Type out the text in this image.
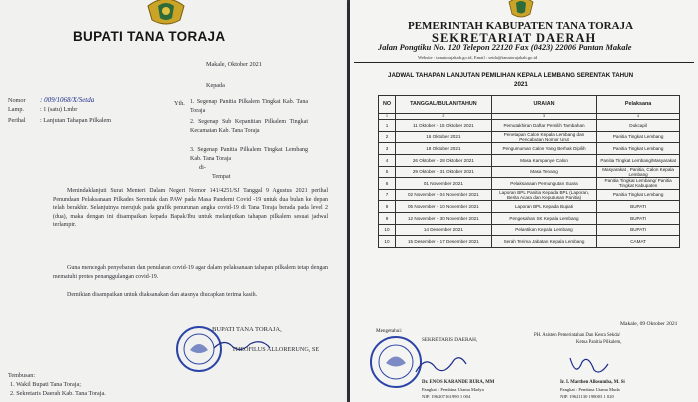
BUPATI TANA TORAJA
Makale, Oktober 2021
Kepada
Nomor : 009/1068/X/Setda
Lamp.	: 1 (satu) Lmbr
Perihal : Lanjutan Tahapan Pilkalem
Yth. 1. Segenap Panitia Pilkalem Tingkat Kab. Tana Toraja
2. Segenap Sub Kepanitian Pilkalem Tingkat Kecamatan Kab. Tana Toraja
3. Segenap Panitia Pilkalem Tingkat Lembang Kab. Tana Toraja
di-
Tempat
Menindaklanjuti Surat Menteri Dalam Negeri Nomor 141/4251/SJ Tanggal 9 Agustus 2021 perihal Penundaan Pelaksanaan Pilkades Serentak dan PAW pada Masa Pandemi Covid -19 untuk dua bulan ke depan telah berakhir. Selanjutnya merujuk pada grafik penurunan angka covid-19 di Tana Toraja berada pada level 2 (dua), maka dengan ini disampaikan kepada Bapak/Ibu untuk melanjutkan tahapan pilkalem sesuai jadwal terlampir.
Guna mencegah penyebaran dan penularan covid-19 agar dalam pelaksanaan tahapan pilkalem tetap dengan mematuhi protes penanggulangan covid-19.
Demikian disampaikan untuk diaksanakan dan atasnya diucapkan terima kasih.
BUPATI TANA TORAJA,
THEOFILUS ALLORERUNG, SE
Tembusan:
1. Wakil Bupati Tana Toraja;
2. Sekretaris Daerah Kab. Tana Toraja.
PEMERINTAH KABUPATEN TANA TORAJA
SEKRETARIAT DAERAH
Jalan Pongtiku No. 120 Telepon 22120 Fax (0423) 22006 Pantan Makale
Website : tanatorajakab.go.id, Email : setda@tanatorajakab.go.id
JADWAL TAHAPAN LANJUTAN PEMILIHAN KEPALA LEMBANG SERENTAK TAHUN
2021
NO	TANGGAL/BULAN/TAHUN	URAIAN	Pelaksana
1	2	3	4
1	11 Oktober - 15 Oktober 2021	Pemutakhiran Daftar Pemilih Tambahan	Dukcapil
2	16 Oktober 2021	Penetapan Calon Kepala Lembang dan Pencabutan Nomor Urut	Panitia Tingkat Lembang
3	18 Oktober 2021	Pengumuman Calon Yang Berhak Dipilih	Panitia Tingkat Lembang
4	26 Oktober - 28 Oktober 2021	Masa Kampanye Calon	Panitia Tingkat Lembang/Masyarakat
5	29 Oktober - 31 Oktober 2021	Masa Tenang	Masyarakat , Panitia, Calon Kepala Lembang
6	01 November 2021	Pelaksanaan Pemungutan Suara	Panitia Tingkat Lembang/ Panitia Tingkat Kabupaten
7	02 November - 04 November 2021	Laporan BPL Panitia Kepada BPL (Laporan, Berita Acara dan Keputusan Panitia)	Panitia Tingkat Lembang
8	05 November - 10 November 2021	Laporan BPL Kepada Bupati	BUPATI
9	12 November - 30 November 2021	Pengesahan SK Kepala Lembang	BUPATI
10	14 Desember 2021	Pelantikan Kepala Lembang	BUPATI
10	15 Desember - 17 Desember 2021	Serah Terima Jabatan Kepala Lembang	CAMAT
Makale, 09 Oktober 2021
Mengetahui:
SEKRETARIS DAERAH,
Dr. ENOS KARANDE BURA, MM
Pangkat : Pembina Utama Madya
NIP. 196207161990 1 004
PH. Asisten Pemerintahan Dan Kesra Sekda/
Ketua Panitia Pilkalem,
Ir. I. Marthen Allosumba, M. Si
Pangkat : Pembina Utama Muda
NIP. 19621130 198003 1 020
